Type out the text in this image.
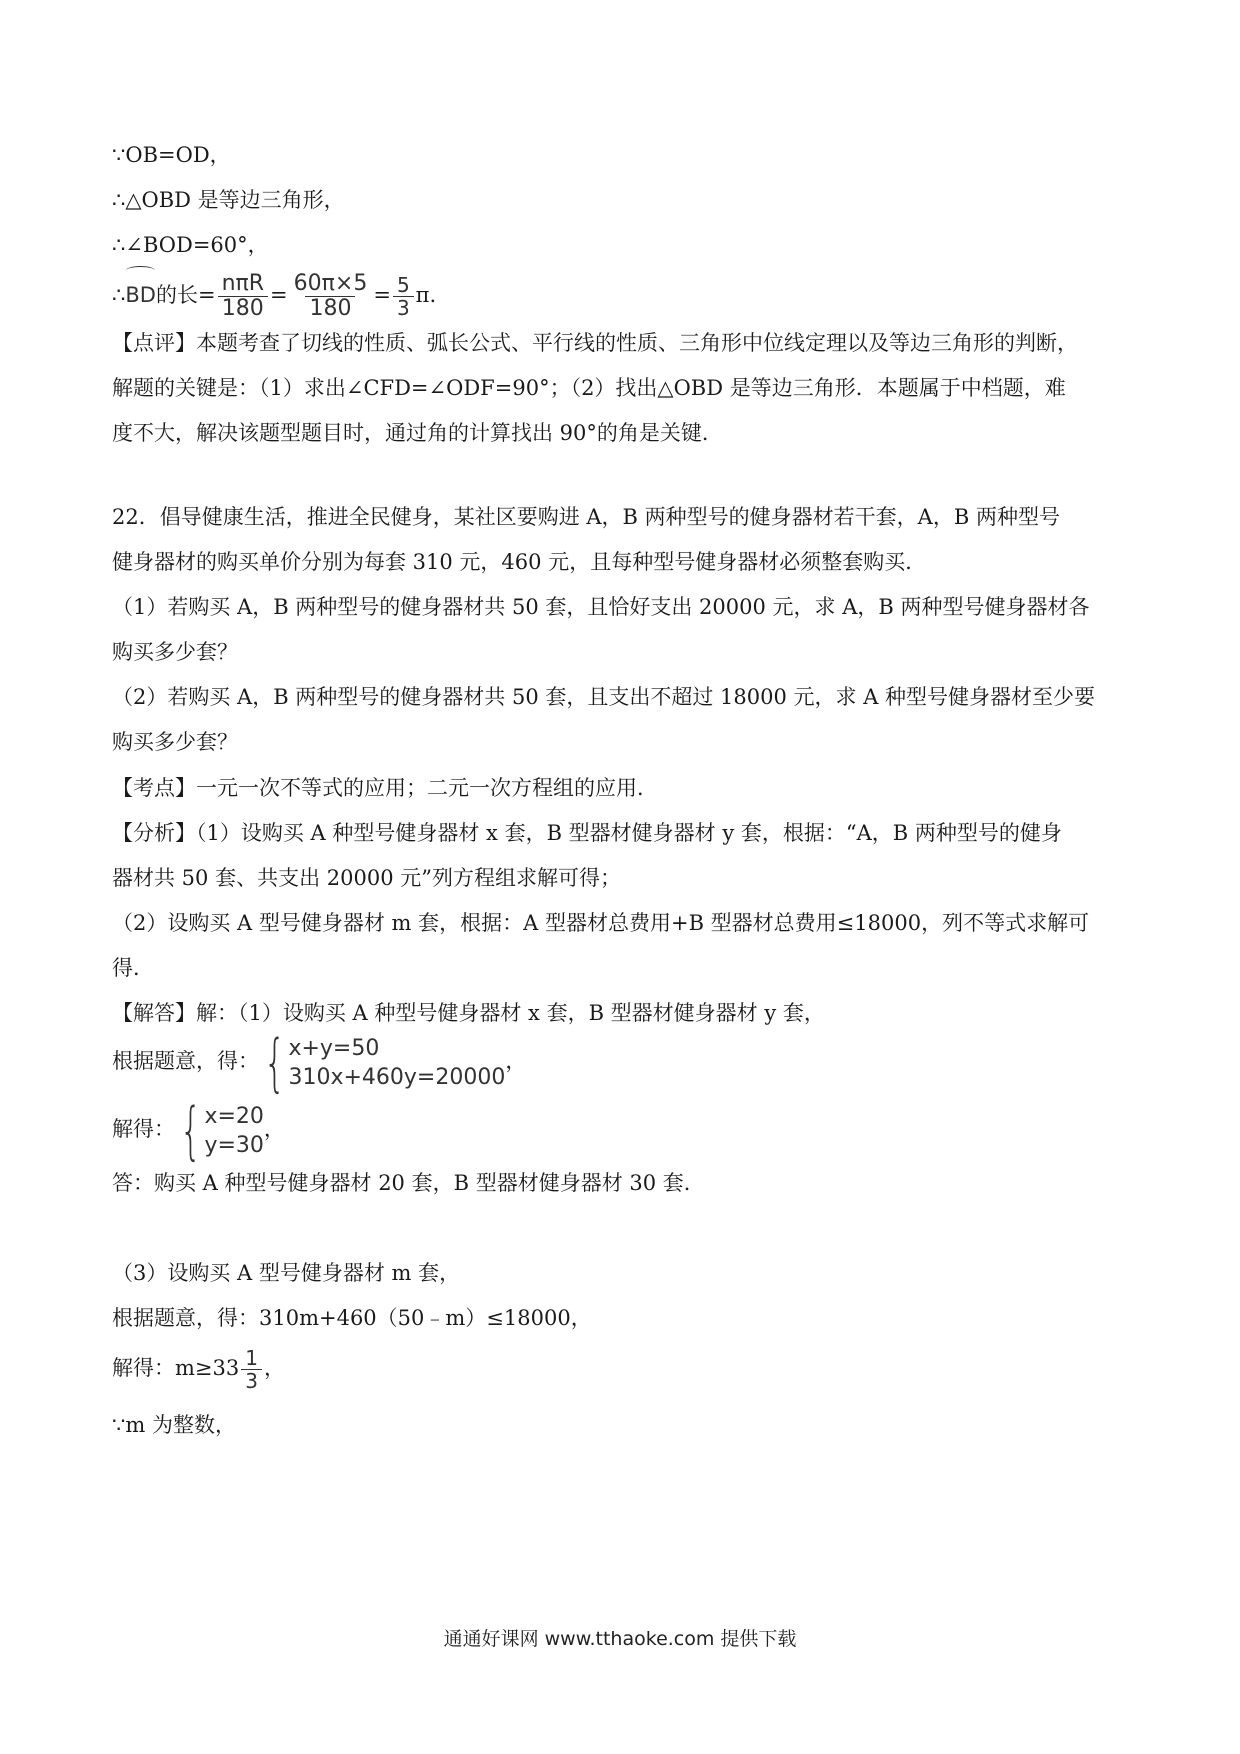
∵OB=OD，
∴△OBD 是等边三角形，
∴∠BOD=60°，
∴BD的长= $\frac{\text{nπR}}{180} = \frac{60\pi\times 5}{180} = \frac{5}{3} \pi$.
【点评】本题考查了切线的性质、弧长公式、平行线的性质、三角形中位线定理以及等边三角形的判断，
解题的关键是：（1）求出∠CFD=∠ODF=90°；（2）找出△OBD 是等边三角形．本题属于中档题，难
度不大，解决该题型题目时，通过角的计算找出 90°的角是关键．
22．倡导健康生活，推进全民健身，某社区要购进 A，B 两种型号的健身器材若干套，A，B 两种型号
健身器材的购买单价分别为每套 310 元，460 元，且每种型号健身器材必须整套购买．
（1）若购买 A，B 两种型号的健身器材共 50 套，且恰好支出 20000 元，求 A，B 两种型号健身器材各
购买多少套？
（2）若购买 A，B 两种型号的健身器材共 50 套，且支出不超过 18000 元，求 A 种型号健身器材至少要
购买多少套？
【考点】一元一次不等式的应用；二元一次方程组的应用．
【分析】（1）设购买 A 种型号健身器材 x 套，B 型器材健身器材 y 套，根据：“A，B 两种型号的健身
器材共 50 套、共支出 20000 元”列方程组求解可得；
（2）设购买 A 型号健身器材 m 套，根据：A 型器材总费用+B 型器材总费用≤18000，列不等式求解可
得．
【解答】解：（1）设购买 A 种型号健身器材 x 套，B 型器材健身器材 y 套，
根据题意，得： { x+y=50
310x+460y=20000
，
解得： { x=20
y=30
，
答：购买 A 种型号健身器材 20 套，B 型器材健身器材 30 套．
（3）设购买 A 型号健身器材 m 套，
根据题意，得：310m+460（50﹣m）≤18000，
解得：$m\ge 33 \frac{1}{3}$ ，
∵m 为整数，
通通好课网 www.tthaoke.com 提供下载
